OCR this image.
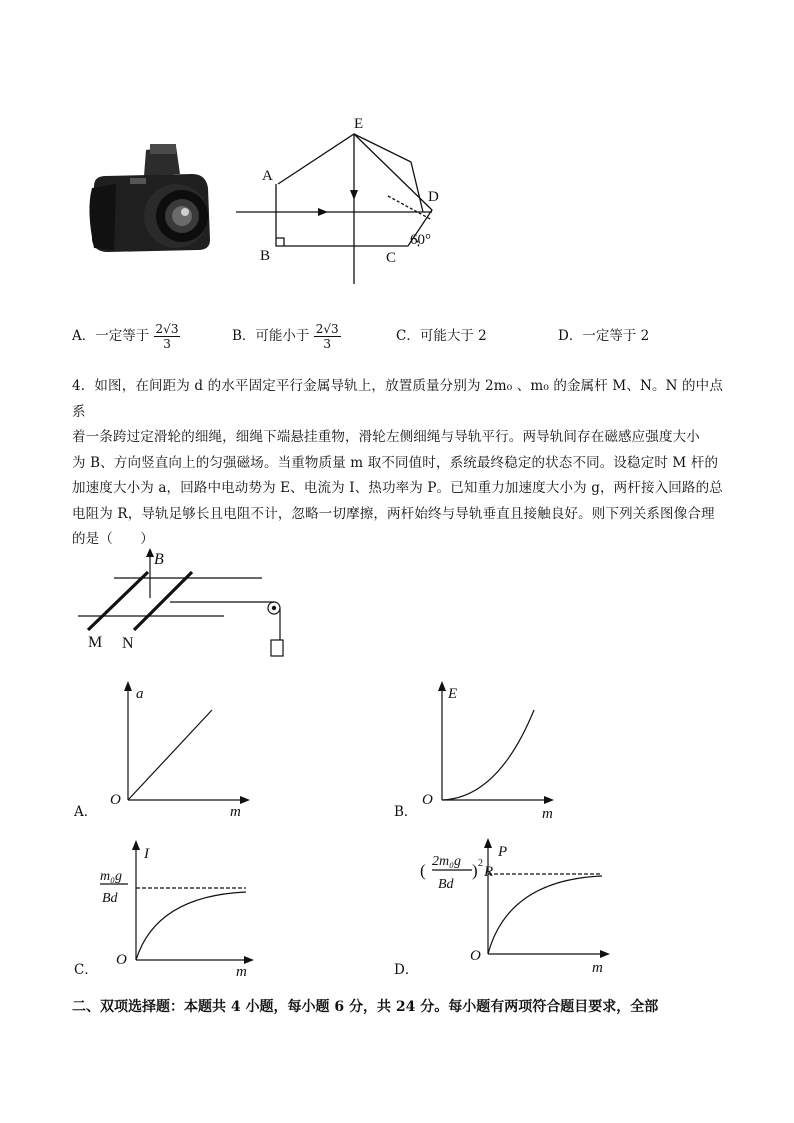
A
B	C
D
E
60°
A．一定等于 $\frac{2√3}{3}$	B．可能小于 $\frac{2√3}{3}$	C．可能大于 2	D．一定等于 2
4．如图，在间距为 d 的水平固定平行金属导轨上，放置质量分别为 2m₀ 、m₀ 的金属杆 M、N。N 的中点系
着一条跨过定滑轮的细绳，细绳下端悬挂重物，滑轮左侧细绳与导轨平行。两导轨间存在磁感应强度大小
为 B、方向竖直向上的匀强磁场。当重物质量 m 取不同值时，系统最终稳定的状态不同。设稳定时 M 杆的
加速度大小为 a，回路中电动势为 E、电流为 I、热功率为 P。已知重力加速度大小为 g，两杆接入回路的总
电阻为 R，导轨足够长且电阻不计，忽略一切摩擦，两杆始终与导轨垂直且接触良好。则下列关系图像合理
的是（　　）
B
M N
A．
a
m
O
B．
E
m
O
C．
I
m
O
m₀g
Bd
D．
P
m
O
(	) 2
2m₀g
Bd
R
二、双项选择题：本题共 4 小题，每小题 6 分，共 24 分。每小题有两项符合题目要求，全部
